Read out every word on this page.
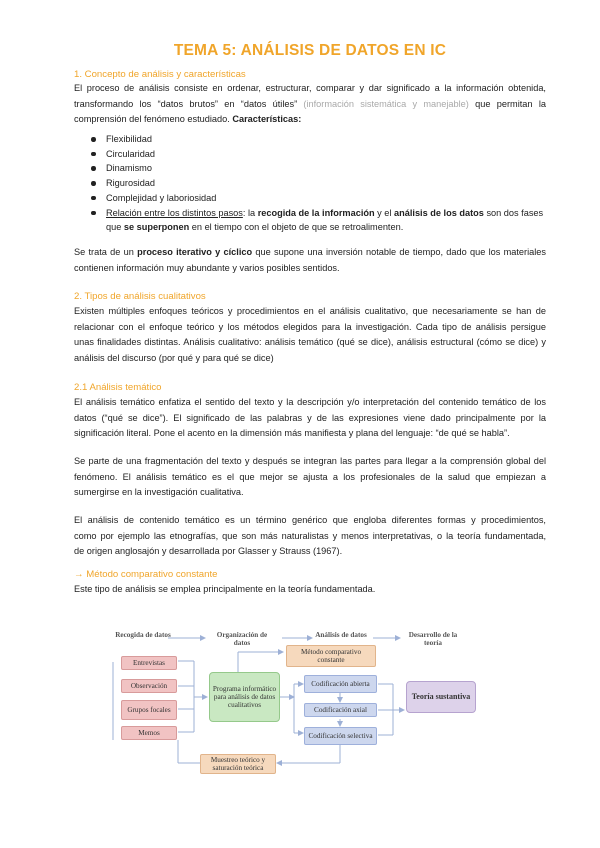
TEMA 5: ANÁLISIS DE DATOS EN IC
1. Concepto de análisis y características
El proceso de análisis consiste en ordenar, estructurar, comparar y dar significado a la información obtenida,
transformando los “datos brutos” en “datos útiles” (información sistemática y manejable) que permitan la
comprensión del fenómeno estudiado. Características:
Flexibilidad
Circularidad
Dinamismo
Rigurosidad
Complejidad y laboriosidad
Relación entre los distintos pasos: la recogida de la información y el análisis de los datos son dos fases
que se superponen en el tiempo con el objeto de que se retroalimenten.
Se trata de un proceso iterativo y cíclico que supone una inversión notable de tiempo, dado que los materiales
contienen información muy abundante y varios posibles sentidos.
2. Tipos de análisis cualitativos
Existen múltiples enfoques teóricos y procedimientos en el análisis cualitativo, que necesariamente se han de
relacionar con el enfoque teórico y los métodos elegidos para la investigación. Cada tipo de análisis persigue
unas finalidades distintas. Análisis cualitativo: análisis temático (qué se dice), análisis estructural (cómo se dice) y
análisis del discurso (por qué y para qué se dice)
2.1 Análisis temático
El análisis temático enfatiza el sentido del texto y la descripción y/o interpretación del contenido temático de los
datos (“qué se dice”). El significado de las palabras y de las expresiones viene dado principalmente por la
significación literal. Pone el acento en la dimensión más manifiesta y plana del lenguaje: “de qué se habla”.
Se parte de una fragmentación del texto y después se integran las partes para llegar a la comprensión global del
fenómeno. El análisis temático es el que mejor se ajusta a los profesionales de la salud que empiezan a
sumergirse en la investigación cualitativa.
El análisis de contenido temático es un término genérico que engloba diferentes formas y procedimientos,
como por ejemplo las etnografías, que son más naturalistas y menos interpretativas, o la teoría fundamentada,
de origen anglosajón y desarrollada por Glasser y Strauss (1967).
→ Método comparativo constante
Este tipo de análisis se emplea principalmente en la teoría fundamentada.
Recogida de datos	Organización de datos
Análisis de datos	Desarrollo de la teoría
Entrevistas
Observación
Grupos focales
Memos
Programa informático para análisis de datos cualitativos
Método comparativo constante
Codificación abierta
Codificación axial
Codificación selectiva
Teoría sustantiva
Muestreo teórico y saturación teórica
